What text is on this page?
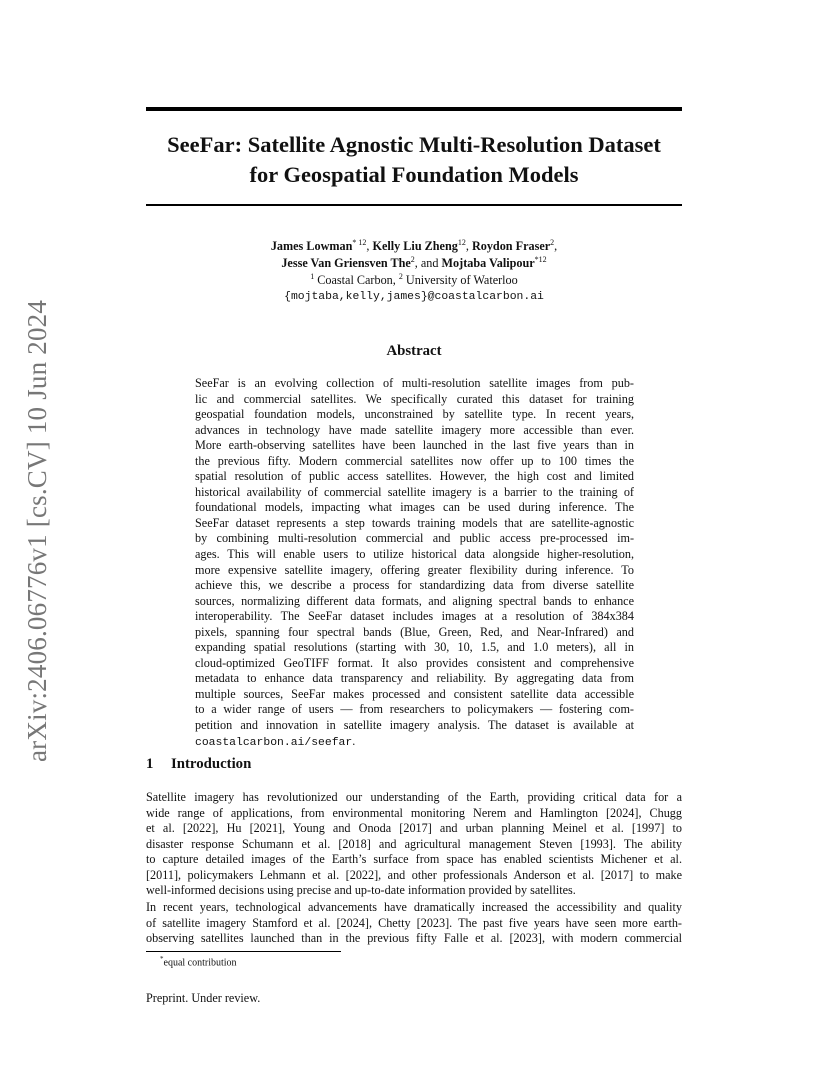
arXiv:2406.06776v1 [cs.CV] 10 Jun 2024
SeeFar: Satellite Agnostic Multi-Resolution Dataset
for Geospatial Foundation Models
James Lowman$^{* 12}$, Kelly Liu Zheng$^{12}$, Roydon Fraser$^2$,
Jesse Van Griensven The$^2$, and Mojtaba Valipour$^{*12}$
$^1$ Coastal Carbon, $^2$ University of Waterloo
{mojtaba,kelly,james}@coastalcarbon.ai
Abstract
SeeFar is an evolving collection of multi-resolution satellite images from pub-
lic and commercial satellites. We specifically curated this dataset for training
geospatial foundation models, unconstrained by satellite type. In recent years,
advances in technology have made satellite imagery more accessible than ever.
More earth-observing satellites have been launched in the last five years than in
the previous fifty. Modern commercial satellites now offer up to 100 times the
spatial resolution of public access satellites. However, the high cost and limited
historical availability of commercial satellite imagery is a barrier to the training of
foundational models, impacting what images can be used during inference. The
SeeFar dataset represents a step towards training models that are satellite-agnostic
by combining multi-resolution commercial and public access pre-processed im-
ages. This will enable users to utilize historical data alongside higher-resolution,
more expensive satellite imagery, offering greater flexibility during inference. To
achieve this, we describe a process for standardizing data from diverse satellite
sources, normalizing different data formats, and aligning spectral bands to enhance
interoperability. The SeeFar dataset includes images at a resolution of 384x384
pixels, spanning four spectral bands (Blue, Green, Red, and Near-Infrared) and
expanding spatial resolutions (starting with 30, 10, 1.5, and 1.0 meters), all in
cloud-optimized GeoTIFF format. It also provides consistent and comprehensive
metadata to enhance data transparency and reliability. By aggregating data from
multiple sources, SeeFar makes processed and consistent satellite data accessible
to a wider range of users — from researchers to policymakers — fostering com-
petition and innovation in satellite imagery analysis. The dataset is available at
coastalcarbon.ai/seefar.
1 Introduction
Satellite imagery has revolutionized our understanding of the Earth, providing critical data for a
wide range of applications, from environmental monitoring Nerem and Hamlington [2024], Chugg
et al. [2022], Hu [2021], Young and Onoda [2017] and urban planning Meinel et al. [1997] to
disaster response Schumann et al. [2018] and agricultural management Steven [1993]. The ability
to capture detailed images of the Earth’s surface from space has enabled scientists Michener et al.
[2011], policymakers Lehmann et al. [2022], and other professionals Anderson et al. [2017] to make
well-informed decisions using precise and up-to-date information provided by satellites.
In recent years, technological advancements have dramatically increased the accessibility and quality
of satellite imagery Stamford et al. [2024], Chetty [2023]. The past five years have seen more earth-
observing satellites launched than in the previous fifty Falle et al. [2023], with modern commercial
*equal contribution
Preprint. Under review.
